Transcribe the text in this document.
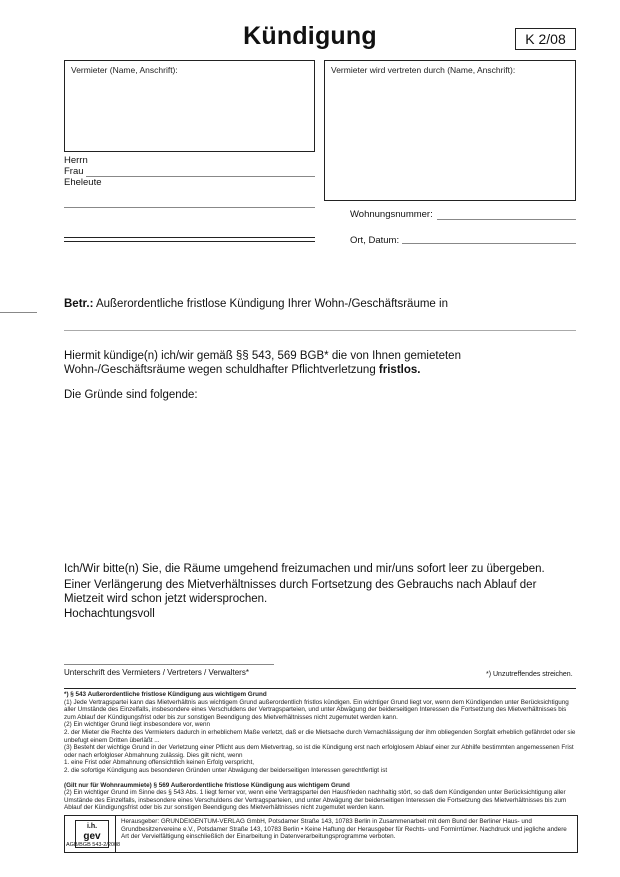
Kündigung	K 2/08
Vermieter (Name, Anschrift):	Vermieter wird vertreten durch (Name, Anschrift):
Herrn
Frau
Eheleute
Wohnungsnummer:
Ort, Datum:
Betr.: Außerordentliche fristlose Kündigung Ihrer Wohn-/Geschäftsräume in
Hiermit kündige(n) ich/wir gemäß §§ 543, 569 BGB* die von Ihnen gemieteten Wohn-/Geschäftsräume wegen schuldhafter Pflichtverletzung fristlos.
Die Gründe sind folgende:
Ich/Wir bitte(n) Sie, die Räume umgehend freizumachen und mir/uns sofort leer zu übergeben.
Einer Verlängerung des Mietverhältnisses durch Fortsetzung des Gebrauchs nach Ablauf der Mietzeit wird schon jetzt widersprochen.
Hochachtungsvoll
Unterschrift des Vermieters / Vertreters / Verwalters*	*) Unzutreffendes streichen.
*) § 543 Außerordentliche fristlose Kündigung aus wichtigem Grund
(1) Jede Vertragspartei kann das Mietverhältnis aus wichtigem Grund außerordentlich fristlos kündigen. Ein wichtiger Grund liegt vor, wenn dem Kündigenden unter Berücksichtigung aller Umstände des Einzelfalls, insbesondere eines Verschuldens der Vertragsparteien, und unter Abwägung der beiderseitigen Interessen die Fortsetzung des Mietverhältnisses bis zum Ablauf der Kündigungsfrist oder bis zur sonstigen Beendigung des Mietverhältnisses nicht zugemutet werden kann.
(2) Ein wichtiger Grund liegt insbesondere vor, wenn
2. der Mieter die Rechte des Vermieters dadurch in erheblichem Maße verletzt, daß er die Mietsache durch Vernachlässigung der ihm obliegenden Sorgfalt erheblich gefährdet oder sie unbefugt einem Dritten überläßt ...
(3) Besteht der wichtige Grund in der Verletzung einer Pflicht aus dem Mietvertrag, so ist die Kündigung erst nach erfolglosem Ablauf einer zur Abhilfe bestimmten angemessenen Frist oder nach erfolgloser Abmahnung zulässig. Dies gilt nicht, wenn
1. eine Frist oder Abmahnung offensichtlich keinen Erfolg verspricht,
2. die sofortige Kündigung aus besonderen Gründen unter Abwägung der beiderseitigen Interessen gerechtfertigt ist
(Gilt nur für Wohnraummiete) § 569 Außerordentliche fristlose Kündigung aus wichtigem Grund
(2) Ein wichtiger Grund im Sinne des § 543 Abs. 1 liegt ferner vor, wenn eine Vertragspartei den Hausfrieden nachhaltig stört, so daß dem Kündigenden unter Berücksichtigung aller Umstände des Einzelfalls, insbesondere eines Verschuldens der Vertragsparteien, und unter Abwägung der beiderseitigen Interessen die Fortsetzung des Mietverhältnisses bis zum Ablauf der Kündigungsfrist oder bis zur sonstigen Beendigung des Mietverhältnisses nicht zugemutet werden kann.
i.h.
gev
AGB/BGB 543-2/2008
Herausgeber: GRUNDEIGENTUM-VERLAG GmbH, Potsdamer Straße 143, 10783 Berlin in Zusammenarbeit mit dem Bund der Berliner Haus- und Grundbesitzervereine e.V., Potsdamer Straße 143, 10783 Berlin • Keine Haftung der Herausgeber für Rechts- und Formirrtümer. Nachdruck und jegliche andere Art der Vervielfältigung einschließlich der Einarbeitung in Datenverarbeitungsprogramme verboten.
